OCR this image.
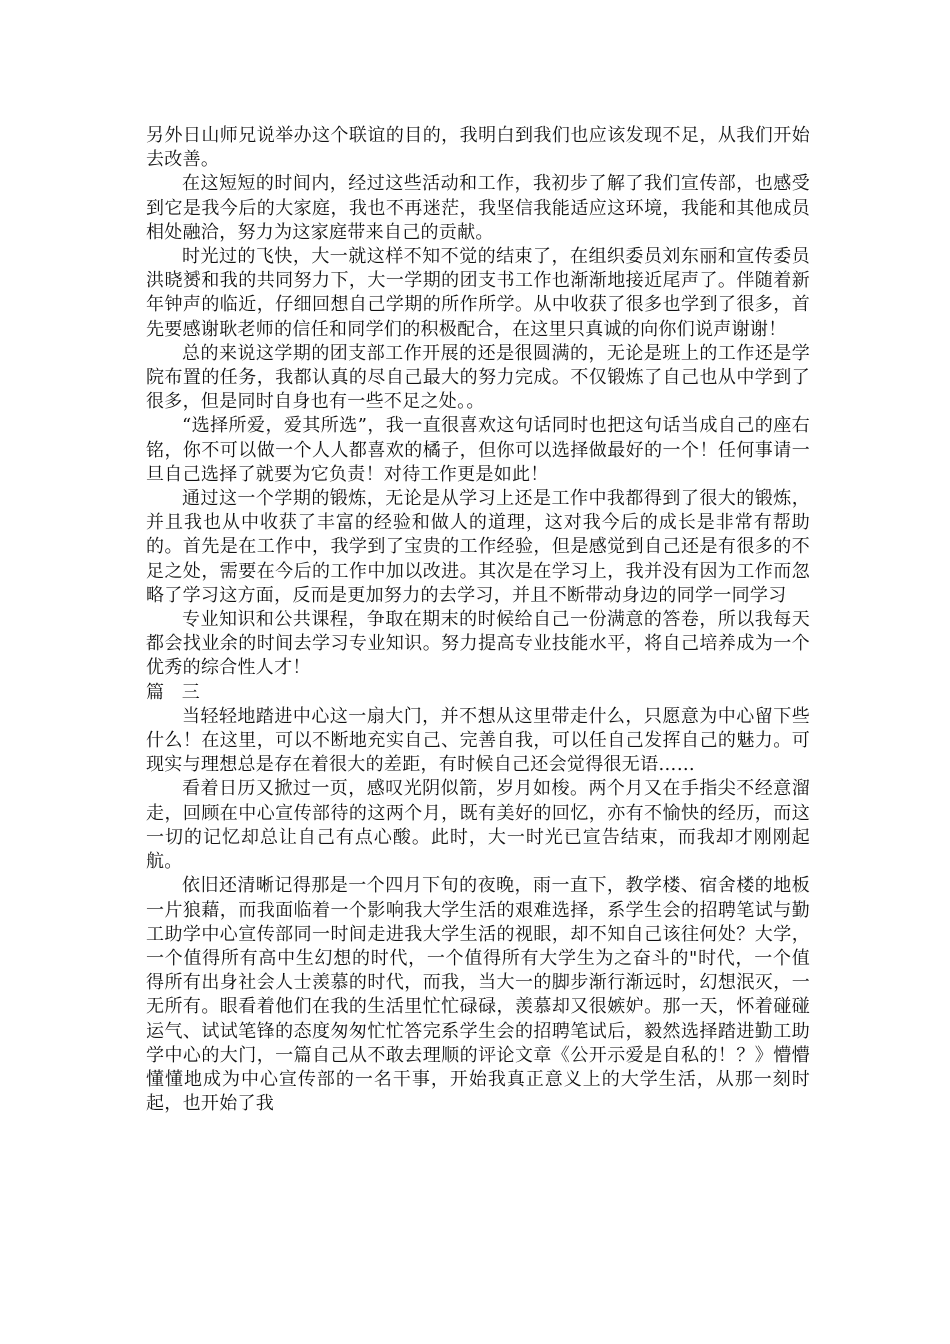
另外日山师兄说举办这个联谊的目的，我明白到我们也应该发现不足，从我们开始去改善。

在这短短的时间内，经过这些活动和工作，我初步了解了我们宣传部，也感受到它是我今后的大家庭，我也不再迷茫，我坚信我能适应这环境，我能和其他成员相处融洽，努力为这家庭带来自己的贡献。

时光过的飞快，大一就这样不知不觉的结束了，在组织委员刘东丽和宣传委员洪晓赟和我的共同努力下，大一学期的团支书工作也渐渐地接近尾声了。伴随着新年钟声的临近，仔细回想自己学期的所作所学。从中收获了很多也学到了很多，首先要感谢耿老师的信任和同学们的积极配合，在这里只真诚的向你们说声谢谢！

总的来说这学期的团支部工作开展的还是很圆满的，无论是班上的工作还是学院布置的任务，我都认真的尽自己最大的努力完成。不仅锻炼了自己也从中学到了很多，但是同时自身也有一些不足之处。。

“选择所爱，爱其所选”，我一直很喜欢这句话同时也把这句话当成自己的座右铭，你不可以做一个人人都喜欢的橘子，但你可以选择做最好的一个！任何事请一旦自己选择了就要为它负责！对待工作更是如此！

通过这一个学期的锻炼，无论是从学习上还是工作中我都得到了很大的锻炼，并且我也从中收获了丰富的经验和做人的道理，这对我今后的成长是非常有帮助的。首先是在工作中，我学到了宝贵的工作经验，但是感觉到自己还是有很多的不足之处，需要在今后的工作中加以改进。其次是在学习上，我并没有因为工作而忽略了学习这方面，反而是更加努力的去学习，并且不断带动身边的同学一同学习

专业知识和公共课程，争取在期末的时候给自己一份满意的答卷，所以我每天都会找业余的时间去学习专业知识。努力提高专业技能水平，将自己培养成为一个优秀的综合性人才！

篇 三

当轻轻地踏进中心这一扇大门，并不想从这里带走什么，只愿意为中心留下些什么！在这里，可以不断地充实自己、完善自我，可以任自己发挥自己的魅力。可现实与理想总是存在着很大的差距，有时候自己还会觉得很无语……

看着日历又掀过一页，感叹光阴似箭，岁月如梭。两个月又在手指尖不经意溜走，回顾在中心宣传部待的这两个月，既有美好的回忆，亦有不愉快的经历，而这一切的记忆却总让自己有点心酸。此时，大一时光已宣告结束，而我却才刚刚起航。

依旧还清晰记得那是一个四月下旬的夜晚，雨一直下，教学楼、宿舍楼的地板一片狼藉，而我面临着一个影响我大学生活的艰难选择，系学生会的招聘笔试与勤工助学中心宣传部同一时间走进我大学生活的视眼，却不知自己该往何处？大学，一个值得所有高中生幻想的时代，一个值得所有大学生为之奋斗的"时代，一个值得所有出身社会人士羡慕的时代，而我，当大一的脚步渐行渐远时，幻想泯灭，一无所有。眼看着他们在我的生活里忙忙碌碌，羡慕却又很嫉妒。那一天，怀着碰碰运气、试试笔锋的态度匆匆忙忙答完系学生会的招聘笔试后，毅然选择踏进勤工助学中心的大门，一篇自己从不敢去理顺的评论文章《公开示爱是自私的！？》懵懵懂懂地成为中心宣传部的一名干事，开始我真正意义上的大学生活，从那一刻时起，也开始了我
